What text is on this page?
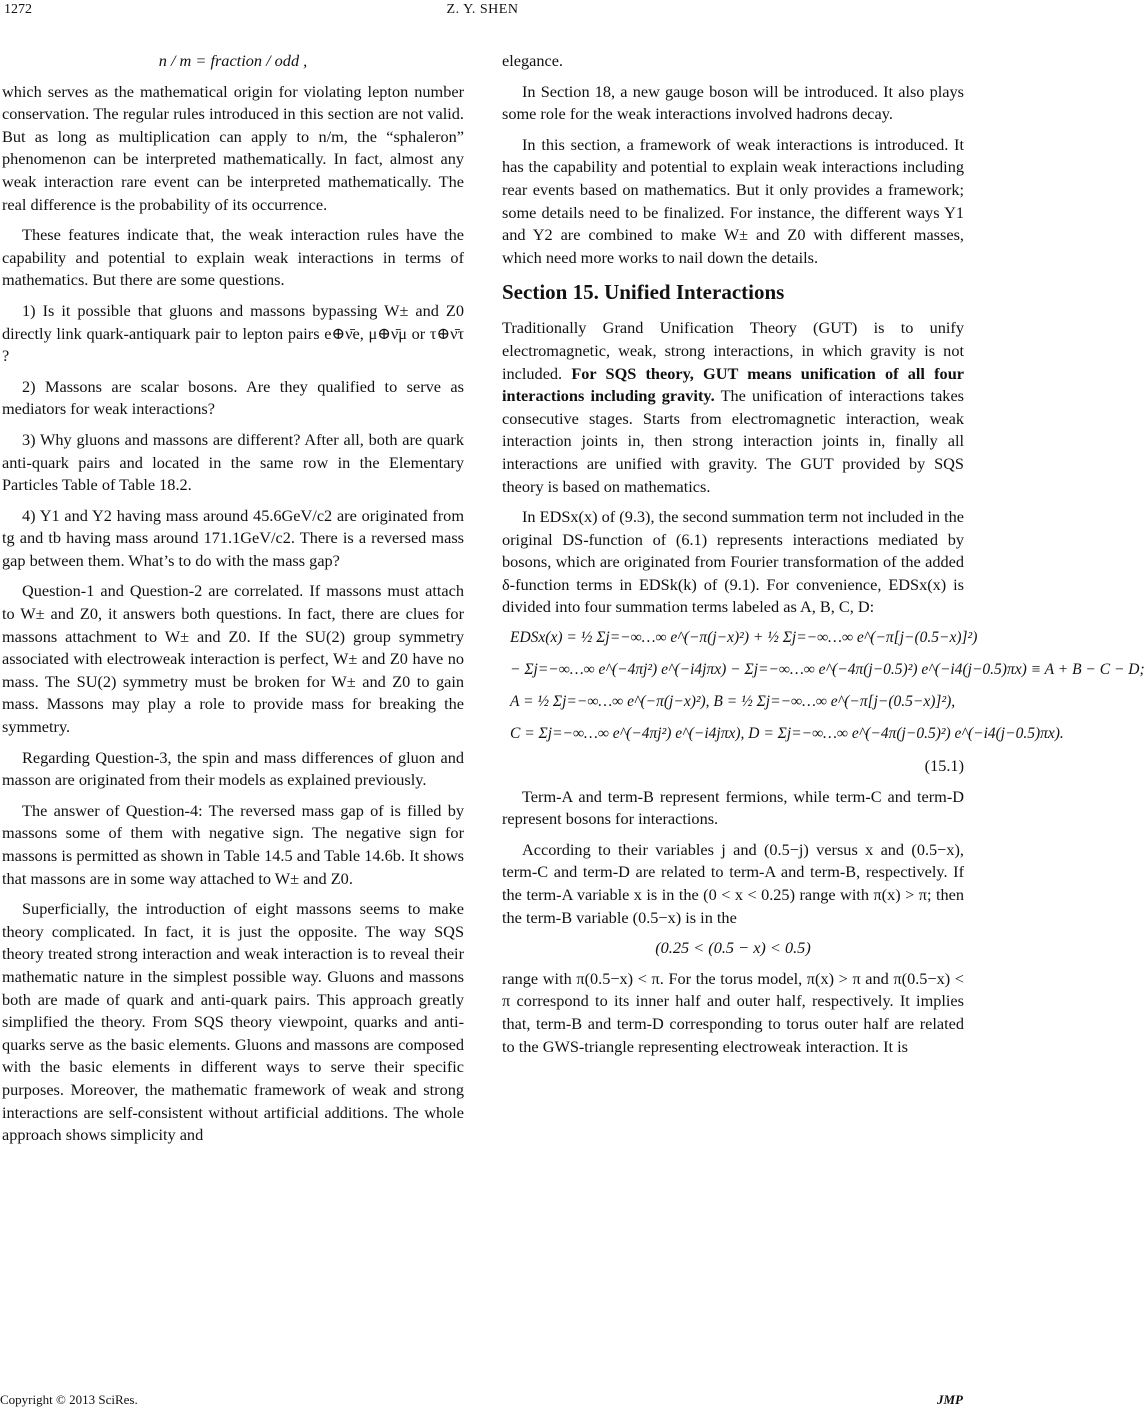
1272	Z. Y. SHEN
n / m = fraction / odd ,

which serves as the mathematical origin for violating lepton number conservation. The regular rules introduced in this section are not valid. But as long as multiplication can apply to n/m, the “sphaleron” phenomenon can be interpreted mathematically. In fact, almost any weak interaction rare event can be interpreted mathematically. The real difference is the probability of its occurrence.

These features indicate that, the weak interaction rules have the capability and potential to explain weak interactions in terms of mathematics. But there are some questions.

1) Is it possible that gluons and massons bypassing W± and Z0 directly link quark-antiquark pair to lepton pairs e⊕ν̄e, μ⊕ν̄μ or τ⊕ν̄τ ?

2) Massons are scalar bosons. Are they qualified to serve as mediators for weak interactions?

3) Why gluons and massons are different? After all, both are quark anti-quark pairs and located in the same row in the Elementary Particles Table of Table 18.2.

4) Y1 and Y2 having mass around 45.6GeV/c2 are originated from tg and tb having mass around 171.1GeV/c2. There is a reversed mass gap between them. What’s to do with the mass gap?

Question-1 and Question-2 are correlated. If massons must attach to W± and Z0, it answers both questions. In fact, there are clues for massons attachment to W± and Z0. If the SU(2) group symmetry associated with electroweak interaction is perfect, W± and Z0 have no mass. The SU(2) symmetry must be broken for W± and Z0 to gain mass. Massons may play a role to provide mass for breaking the symmetry.

Regarding Question-3, the spin and mass differences of gluon and masson are originated from their models as explained previously.

The answer of Question-4: The reversed mass gap of is filled by massons some of them with negative sign. The negative sign for massons is permitted as shown in Table 14.5 and Table 14.6b. It shows that massons are in some way attached to W± and Z0.

Superficially, the introduction of eight massons seems to make theory complicated. In fact, it is just the opposite. The way SQS theory treated strong interaction and weak interaction is to reveal their mathematic nature in the simplest possible way. Gluons and massons both are made of quark and anti-quark pairs. This approach greatly simplified the theory. From SQS theory viewpoint, quarks and anti-quarks serve as the basic elements. Gluons and massons are composed with the basic elements in different ways to serve their specific purposes. Moreover, the mathematic framework of weak and strong interactions are self-consistent without artificial additions. The whole approach shows simplicity and

elegance.

In Section 18, a new gauge boson will be introduced. It also plays some role for the weak interactions involved hadrons decay.

In this section, a framework of weak interactions is introduced. It has the capability and potential to explain weak interactions including rear events based on mathematics. But it only provides a framework; some details need to be finalized. For instance, the different ways Y1 and Y2 are combined to make W± and Z0 with different masses, which need more works to nail down the details.

Section 15. Unified Interactions

Traditionally Grand Unification Theory (GUT) is to unify electromagnetic, weak, strong interactions, in which gravity is not included. For SQS theory, GUT means unification of all four interactions including gravity. The unification of interactions takes consecutive stages. Starts from electromagnetic interaction, weak interaction joints in, then strong interaction joints in, finally all interactions are unified with gravity. The GUT provided by SQS theory is based on mathematics.

In EDSx(x) of (9.3), the second summation term not included in the original DS-function of (6.1) represents interactions mediated by bosons, which are originated from Fourier transformation of the added δ-function terms in EDSk(k) of (9.1). For convenience, EDSx(x) is divided into four summation terms labeled as A, B, C, D:

EDSx(x) = ½ Σj=−∞…∞ e^(−π(j−x)²) + ½ Σj=−∞…∞ e^(−π[j−(0.5−x)]²)
− Σj=−∞…∞ e^(−4πj²) e^(−i4jπx) − Σj=−∞…∞ e^(−4π(j−0.5)²) e^(−i4(j−0.5)πx) ≡ A + B − C − D;
A = ½ Σj=−∞…∞ e^(−π(j−x)²), B = ½ Σj=−∞…∞ e^(−π[j−(0.5−x)]²),
C = Σj=−∞…∞ e^(−4πj²) e^(−i4jπx), D = Σj=−∞…∞ e^(−4π(j−0.5)²) e^(−i4(j−0.5)πx).
(15.1)

Term-A and term-B represent fermions, while term-C and term-D represent bosons for interactions.

According to their variables j and (0.5−j) versus x and (0.5−x), term-C and term-D are related to term-A and term-B, respectively. If the term-A variable x is in the (0 < x < 0.25) range with π(x) > π; then the term-B variable (0.5−x) is in the

(0.25 < (0.5 − x) < 0.5)

range with π(0.5−x) < π. For the torus model, π(x) > π and π(0.5−x) < π correspond to its inner half and outer half, respectively. It implies that, term-B and term-D corresponding to torus outer half are related to the GWS-triangle representing electroweak interaction. It is

Copyright © 2013 SciRes.	JMP
